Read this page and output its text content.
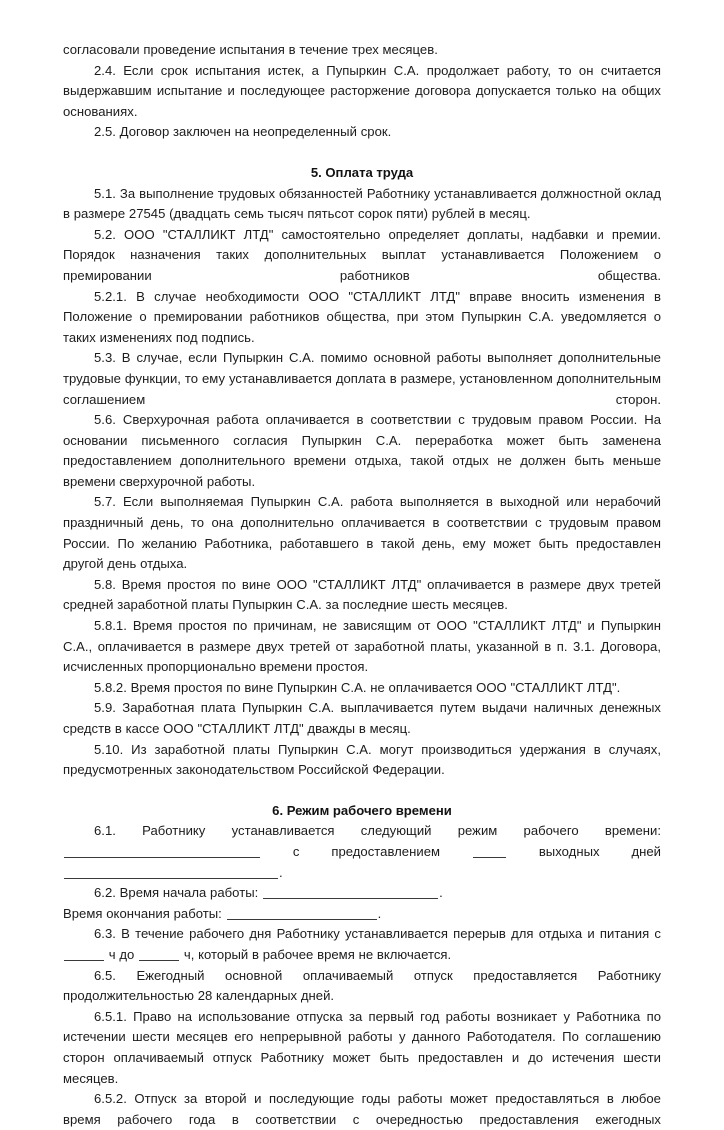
согласовали проведение испытания в течение трех месяцев.

2.4. Если срок испытания истек, а Пупыркин С.А. продолжает работу, то он считается выдержавшим испытание и последующее расторжение договора допускается только на общих основаниях.

2.5. Договор заключен на неопределенный срок.

5. Оплата труда

5.1. За выполнение трудовых обязанностей Работнику устанавливается должностной оклад в размере 27545 (двадцать семь тысяч пятьсот сорок пяти) рублей в месяц.

5.2. ООО "СТАЛЛИКТ ЛТД" самостоятельно определяет доплаты, надбавки и премии. Порядок назначения таких дополнительных выплат устанавливается Положением о премировании работников общества.

5.2.1. В случае необходимости ООО "СТАЛЛИКТ ЛТД" вправе вносить изменения в Положение о премировании работников общества, при этом Пупыркин С.А. уведомляется о таких изменениях под подпись.

5.3. В случае, если Пупыркин С.А. помимо основной работы выполняет дополнительные трудовые функции, то ему устанавливается доплата в размере, установленном дополнительным соглашением сторон.

5.6. Сверхурочная работа оплачивается в соответствии с трудовым правом России. На основании письменного согласия Пупыркин С.А. переработка может быть заменена предоставлением дополнительного времени отдыха, такой отдых не должен быть меньше времени сверхурочной работы.

5.7. Если выполняемая Пупыркин С.А. работа выполняется в выходной или нерабочий праздничный день, то она дополнительно оплачивается в соответствии с трудовым правом России. По желанию Работника, работавшего в такой день, ему может быть предоставлен другой день отдыха.

5.8. Время простоя по вине ООО "СТАЛЛИКТ ЛТД" оплачивается в размере двух третей средней заработной платы Пупыркин С.А. за последние шесть месяцев.

5.8.1. Время простоя по причинам, не зависящим от ООО "СТАЛЛИКТ ЛТД" и Пупыркин С.А., оплачивается в размере двух третей от заработной платы, указанной в п. 3.1. Договора, исчисленных пропорционально времени простоя.

5.8.2. Время простоя по вине Пупыркин С.А. не оплачивается ООО "СТАЛЛИКТ ЛТД".

5.9. Заработная плата Пупыркин С.А. выплачивается путем выдачи наличных денежных средств в кассе ООО "СТАЛЛИКТ ЛТД" дважды в месяц.

5.10. Из заработной платы Пупыркин С.А. могут производиться удержания в случаях, предусмотренных законодательством Российской Федерации.

6. Режим рабочего времени

6.1. Работнику устанавливается следующий режим рабочего времени:
с предоставлением	выходных дней .

6.2. Время начала работы:	.

Время окончания работы:	.

6.3. В течение рабочего дня Работнику устанавливается перерыв для отдыха и питания с  ч до	ч, который в рабочее время не включается.

6.5. Ежегодный основной оплачиваемый отпуск предоставляется Работнику продолжительностью 28 календарных дней.

6.5.1. Право на использование отпуска за первый год работы возникает у Работника по истечении шести месяцев его непрерывной работы у данного Работодателя. По соглашению сторон оплачиваемый отпуск Работнику может быть предоставлен и до истечения шести месяцев.

6.5.2. Отпуск за второй и последующие годы работы может предоставляться в любое время рабочего года в соответствии с очередностью предоставления ежегодных
